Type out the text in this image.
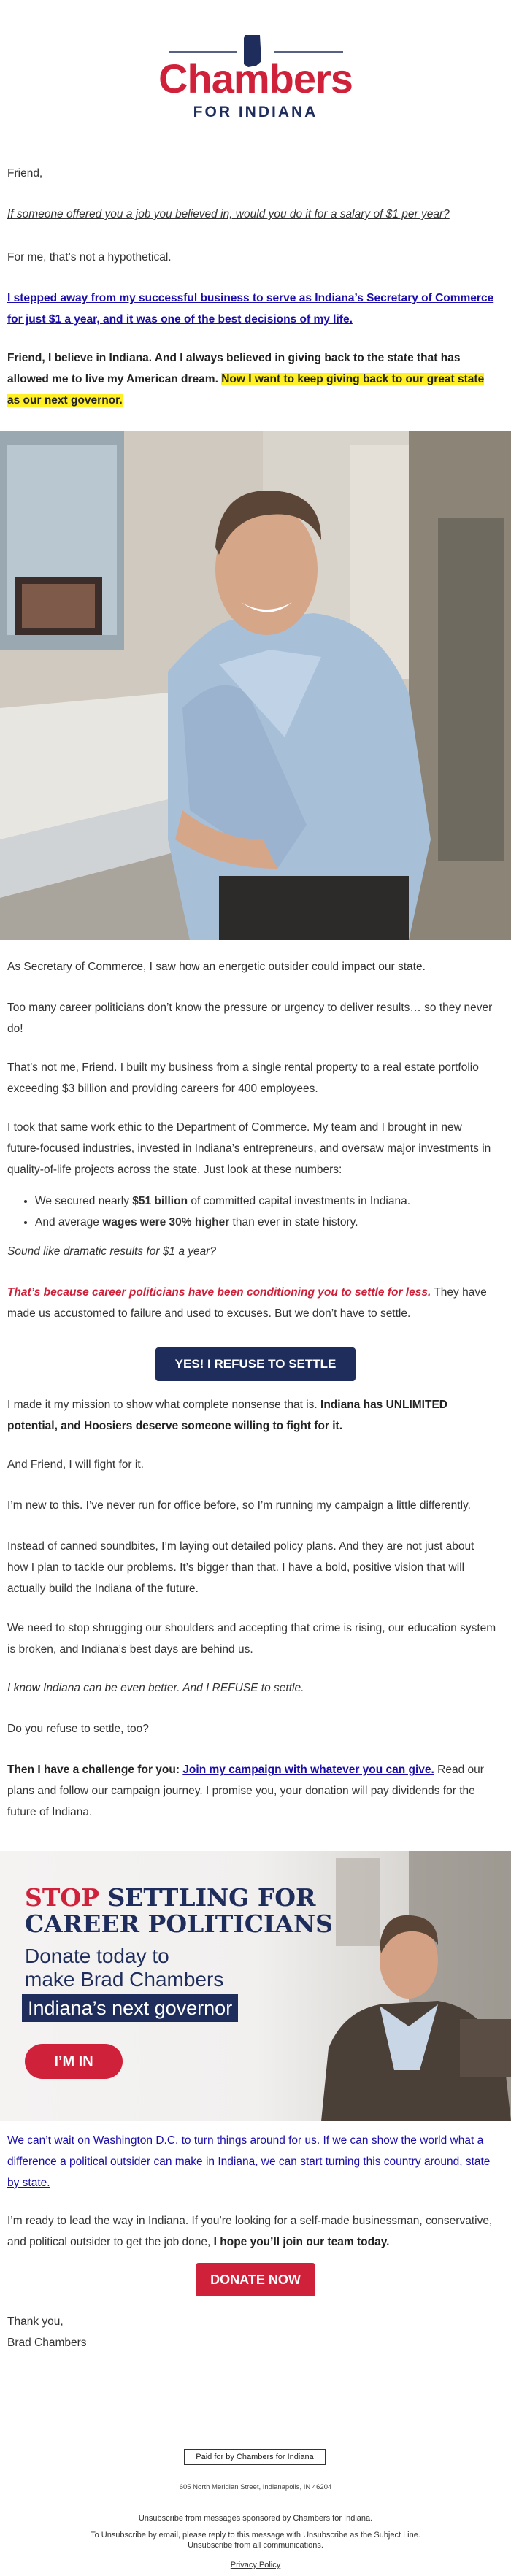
Chambers
FOR INDIANA

Friend,

If someone offered you a job you believed in, would you do it for a salary of $1 per year?

For me, that’s not a hypothetical.

I stepped away from my successful business to serve as Indiana’s Secretary of Commerce for just $1 a year, and it was one of the best decisions of my life.

Friend, I believe in Indiana. And I always believed in giving back to the state that has allowed me to live my American dream. Now I want to keep giving back to our great state as our next governor.

As Secretary of Commerce, I saw how an energetic outsider could impact our state.

Too many career politicians don’t know the pressure or urgency to deliver results… so they never do!

That’s not me, Friend. I built my business from a single rental property to a real estate portfolio exceeding $3 billion and providing careers for 400 employees.

I took that same work ethic to the Department of Commerce. My team and I brought in new future-focused industries, invested in Indiana’s entrepreneurs, and oversaw major investments in quality-of-life projects across the state. Just look at these numbers:

• We secured nearly $51 billion of committed capital investments in Indiana.
• And average wages were 30% higher than ever in state history.

Sound like dramatic results for $1 a year?

That’s because career politicians have been conditioning you to settle for less. They have made us accustomed to failure and used to excuses. But we don’t have to settle.

YES! I REFUSE TO SETTLE

I made it my mission to show what complete nonsense that is. Indiana has UNLIMITED potential, and Hoosiers deserve someone willing to fight for it.

And Friend, I will fight for it.

I’m new to this. I’ve never run for office before, so I’m running my campaign a little differently.

Instead of canned soundbites, I’m laying out detailed policy plans. And they are not just about how I plan to tackle our problems. It’s bigger than that. I have a bold, positive vision that will actually build the Indiana of the future.

We need to stop shrugging our shoulders and accepting that crime is rising, our education system is broken, and Indiana’s best days are behind us.

I know Indiana can be even better. And I REFUSE to settle.

Do you refuse to settle, too?

Then I have a challenge for you: Join my campaign with whatever you can give. Read our plans and follow our campaign journey. I promise you, your donation will pay dividends for the future of Indiana.

STOP SETTLING FOR
CAREER POLITICIANS
Donate today to
make Brad Chambers
Indiana’s next governor
I’M IN

We can’t wait on Washington D.C. to turn things around for us. If we can show the world what a difference a political outsider can make in Indiana, we can start turning this country around, state by state.

I’m ready to lead the way in Indiana. If you’re looking for a self-made businessman, conservative, and political outsider to get the job done, I hope you’ll join our team today.

DONATE NOW

Thank you,

Brad Chambers

Paid for by Chambers for Indiana
605 North Meridian Street, Indianapolis, IN 46204
Unsubscribe from messages sponsored by Chambers for Indiana.
To Unsubscribe by email, please reply to this message with Unsubscribe as the Subject Line. Unsubscribe from all communications.
Privacy Policy
